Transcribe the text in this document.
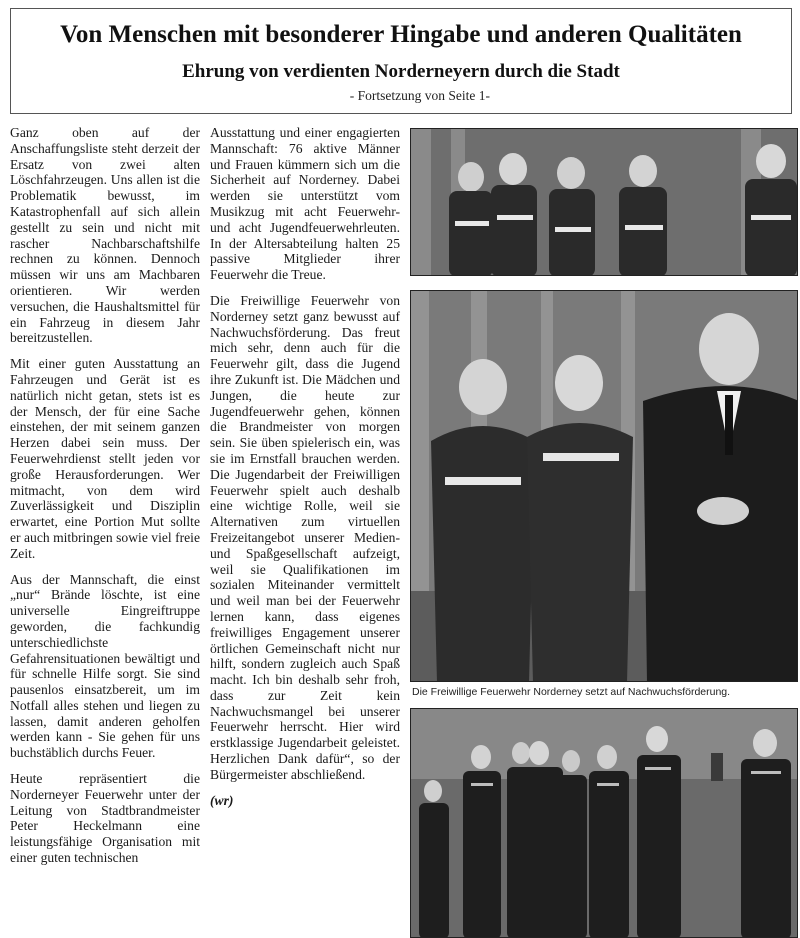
Von Menschen mit besonderer Hingabe und anderen Qualitäten
Ehrung von verdienten Norderneyern durch die Stadt
- Fortsetzung von Seite 1-

Ganz oben auf der Anschaffungsliste steht derzeit der Ersatz von zwei alten Löschfahrzeugen. Uns allen ist die Problematik bewusst, im Katastrophenfall auf sich allein gestellt zu sein und nicht mit rascher Nachbarschaftshilfe rechnen zu können. Dennoch müssen wir uns am Machbaren orientieren. Wir werden versuchen, die Haushaltsmittel für ein Fahrzeug in diesem Jahr bereitzustellen.

Mit einer guten Ausstattung an Fahrzeugen und Gerät ist es natürlich nicht getan, stets ist es der Mensch, der für eine Sache einstehen, der mit seinem ganzen Herzen dabei sein muss. Der Feuerwehrdienst stellt jeden vor große Herausforderungen. Wer mitmacht, von dem wird Zuverlässigkeit und Disziplin erwartet, eine Portion Mut sollte er auch mitbringen sowie viel freie Zeit.

Aus der Mannschaft, die einst „nur“ Brände löschte, ist eine universelle Eingreiftruppe geworden, die fachkundig unterschiedlichste Gefahrensituationen bewältigt und für schnelle Hilfe sorgt. Sie sind pausenlos einsatzbereit, um im Notfall alles stehen und liegen zu lassen, damit anderen geholfen werden kann - Sie gehen für uns buchstäblich durchs Feuer.

Heute repräsentiert die Norderneyer Feuerwehr unter der Leitung von Stadtbrandmeister Peter Heckelmann eine leistungsfähige Organisation mit einer guten technischen

Ausstattung und einer engagierten Mannschaft: 76 aktive Männer und Frauen kümmern sich um die Sicherheit auf Norderney. Dabei werden sie unterstützt vom Musikzug mit acht Feuerwehr- und acht Jugendfeuerwehrleuten. In der Altersabteilung halten 25 passive Mitglieder ihrer Feuerwehr die Treue.

Die Freiwillige Feuerwehr von Norderney setzt ganz bewusst auf Nachwuchsförderung. Das freut mich sehr, denn auch für die Feuerwehr gilt, dass die Jugend ihre Zukunft ist. Die Mädchen und Jungen, die heute zur Jugendfeuerwehr gehen, können die Brandmeister von morgen sein. Sie üben spielerisch ein, was sie im Ernstfall brauchen werden. Die Jugendarbeit der Freiwilligen Feuerwehr spielt auch deshalb eine wichtige Rolle, weil sie Alternativen zum virtuellen Freizeitangebot unserer Medien- und Spaßgesellschaft aufzeigt, weil sie Qualifikationen im sozialen Miteinander vermittelt und weil man bei der Feuerwehr lernen kann, dass eigenes freiwilliges Engagement unserer örtlichen Gemeinschaft nicht nur hilft, sondern zugleich auch Spaß macht. Ich bin deshalb sehr froh, dass zur Zeit kein Nachwuchsmangel bei unserer Feuerwehr herrscht. Hier wird erstklassige Jugendarbeit geleistet. Herzlichen Dank dafür“, so der Bürgermeister abschließend.

(wr)

Die Freiwillige Feuerwehr Norderney setzt auf Nachwuchsförderung.
